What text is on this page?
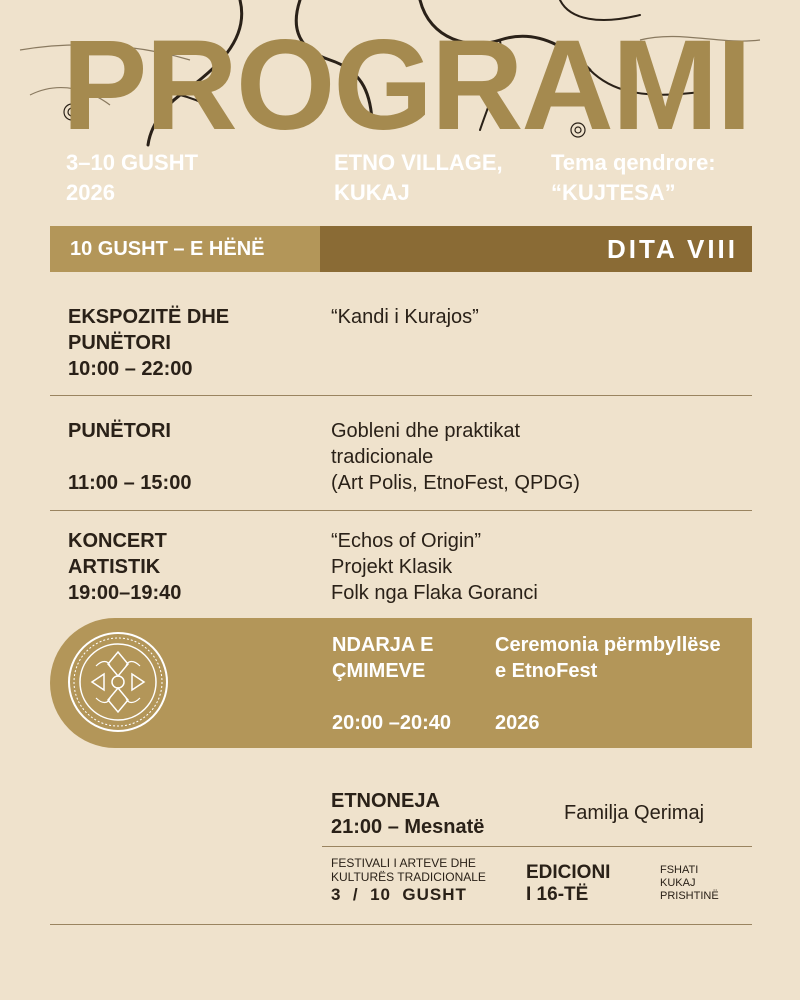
PROGRAMI
3–10 GUSHT
2026
ETNO VILLAGE,
KUKAJ
Tema qendrore:
“KUJTESA”
10 GUSHT – E HËNË	DITA VIII
EKSPOZITË DHE
PUNËTORI
10:00 – 22:00
“Kandi i Kurajos”
PUNËTORI
11:00 – 15:00
Gobleni dhe praktikat
tradicionale
(Art Polis, EtnoFest, QPDG)
KONCERT
ARTISTIK
19:00–19:40
“Echos of Origin”
Projekt Klasik
Folk nga Flaka Goranci
NDARJA E
ÇMIMEVE
20:00 –20:40
Ceremonia përmbyllëse
e EtnoFest
2026
ETNONEJA
21:00 – Mesnatë
Familja Qerimaj
FESTIVALI I ARTEVE DHE
KULTURËS TRADICIONALE
3  /  10  GUSHT
EDICIONI
I 16-TË
FSHATI
KUKAJ
PRISHTINË
